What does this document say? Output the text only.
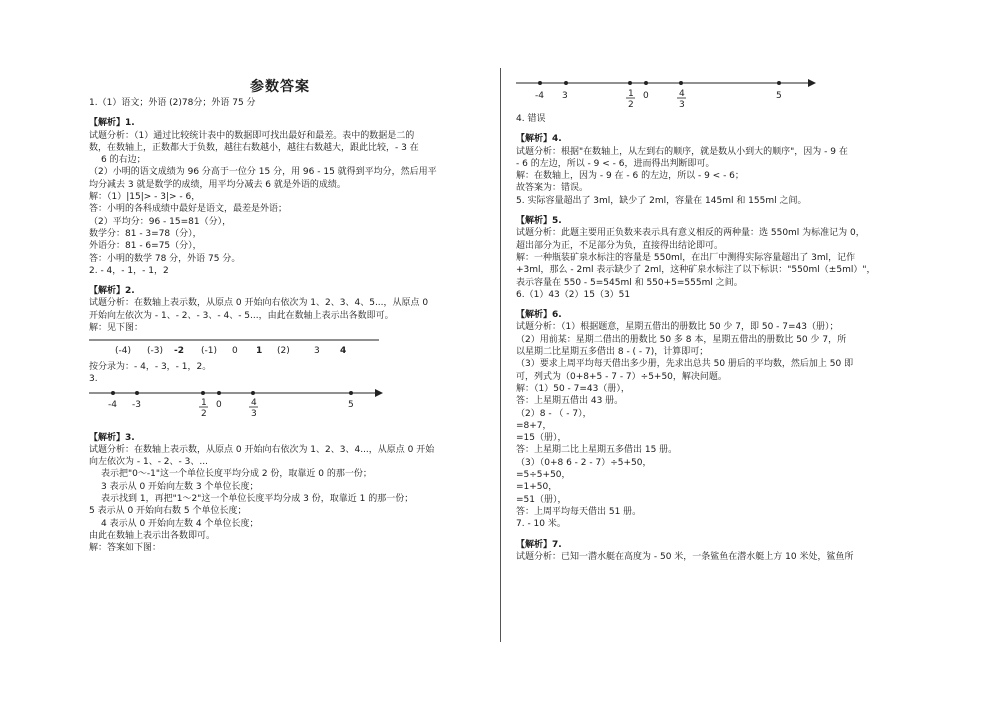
参数答案

1.（1）语文；外语 (2)78分；外语 75 分

【解析】1.

试题分析：（1）通过比较统计表中的数据即可找出最好和最差。表中的数据是二的

数，在数轴上，正数都大于负数，越往右数越小，越往右数越大，跟此比较，- 3 在

6 的右边；

（2）小明的语文成绩为 96 分高于一位分 15 分，用 96 - 15 就得到平均分，然后用平

均分减去 3 就是数学的成绩，用平均分减去 6 就是外语的成绩。

解：（1）|15|> - 3|> - 6，

答：小明的各科成绩中最好是语文，最差是外语；

（2）平均分：96 - 15=81（分），

数学分：81 - 3=78（分），

外语分：81 - 6=75（分），

答：小明的数学 78 分，外语 75 分。

2. - 4，- 1，- 1，2

【解析】2.

试题分析：在数轴上表示数，从原点 0 开始向右依次为 1、2、3、4、5...，从原点 0

开始向左依次为 - 1、- 2、- 3、- 4、- 5...，由此在数轴上表示出各数即可。

解：见下图：

(-4) (-3) -2 (-1) 0 1 (2)	3 4

按分录为：- 4，- 3，- 1，2。

3.

-4 -3	1
2
0	4
3
5

【解析】3.

试题分析：在数轴上表示数，从原点 0 开始向右依次为 1、2、3、4...，从原点 0 开始

向左依次为 - 1、- 2、- 3、...

表示把"0～-1"这一个单位长度平均分成 2 份，取靠近 0 的那一份；

3 表示从 0 开始向左数 3 个单位长度；

表示找到 1，再把"1～2"这一个单位长度平均分成 3 份，取靠近 1 的那一份；

5 表示从 0 开始向右数 5 个单位长度；

4 表示从 0 开始向左数 4 个单位长度；

由此在数轴上表示出各数即可。

解：答案如下图：

-4 3	1
2
0	4
3
5

4. 错误

【解析】4.

试题分析：根据"在数轴上，从左到右的顺序，就是数从小到大的顺序"，因为 - 9 在

- 6 的左边，所以 - 9 < - 6，进而得出判断即可。

解：在数轴上，因为 - 9 在 - 6 的左边，所以 - 9 < - 6；

故答案为：错误。

5. 实际容量超出了 3ml，缺少了 2ml，容量在 145ml 和 155ml 之间。

【解析】5.

试题分析：此题主要用正负数来表示具有意义相反的两种量：选 550ml 为标准记为 0，

超出部分为正，不足部分为负，直接得出结论即可。

解：一种瓶装矿泉水标注的容量是 550ml，在出厂中测得实际容量超出了 3ml，记作

+3ml，那么 - 2ml 表示缺少了 2ml，这种矿泉水标注了以下标识："550ml（±5ml）"，

表示容量在 550 - 5=545ml 和 550+5=555ml 之间。

6.（1）43（2）15（3）51

【解析】6.

试题分析：（1）根据题意，星期五借出的册数比 50 少 7，即 50 - 7=43（册）；

（2）用前某：星期二借出的册数比 50 多 8 本，星期五借出的册数比 50 少 7，所

以星期二比星期五多借出 8 - ( - 7)，计算即可；

（3）要求上周平均每天借出多少册，先求出总共 50 册后的平均数，然后加上 50 即

可，列式为（0+8+5 - 7 - 7）÷5+50，解决问题。

解：（1）50 - 7=43（册），

答：上星期五借出 43 册。

（2）8 - （ - 7），

=8+7，

=15（册），

答：上星期二比上星期五多借出 15 册。

（3）（0+8 6 - 2 - 7）÷5+50，

=5÷5+50，

=1+50，

=51（册），

答：上周平均每天借出 51 册。

7. - 10 米。

【解析】7.

试题分析：已知一潜水艇在高度为 - 50 米，一条鲨鱼在潜水艇上方 10 米处，鲨鱼所
